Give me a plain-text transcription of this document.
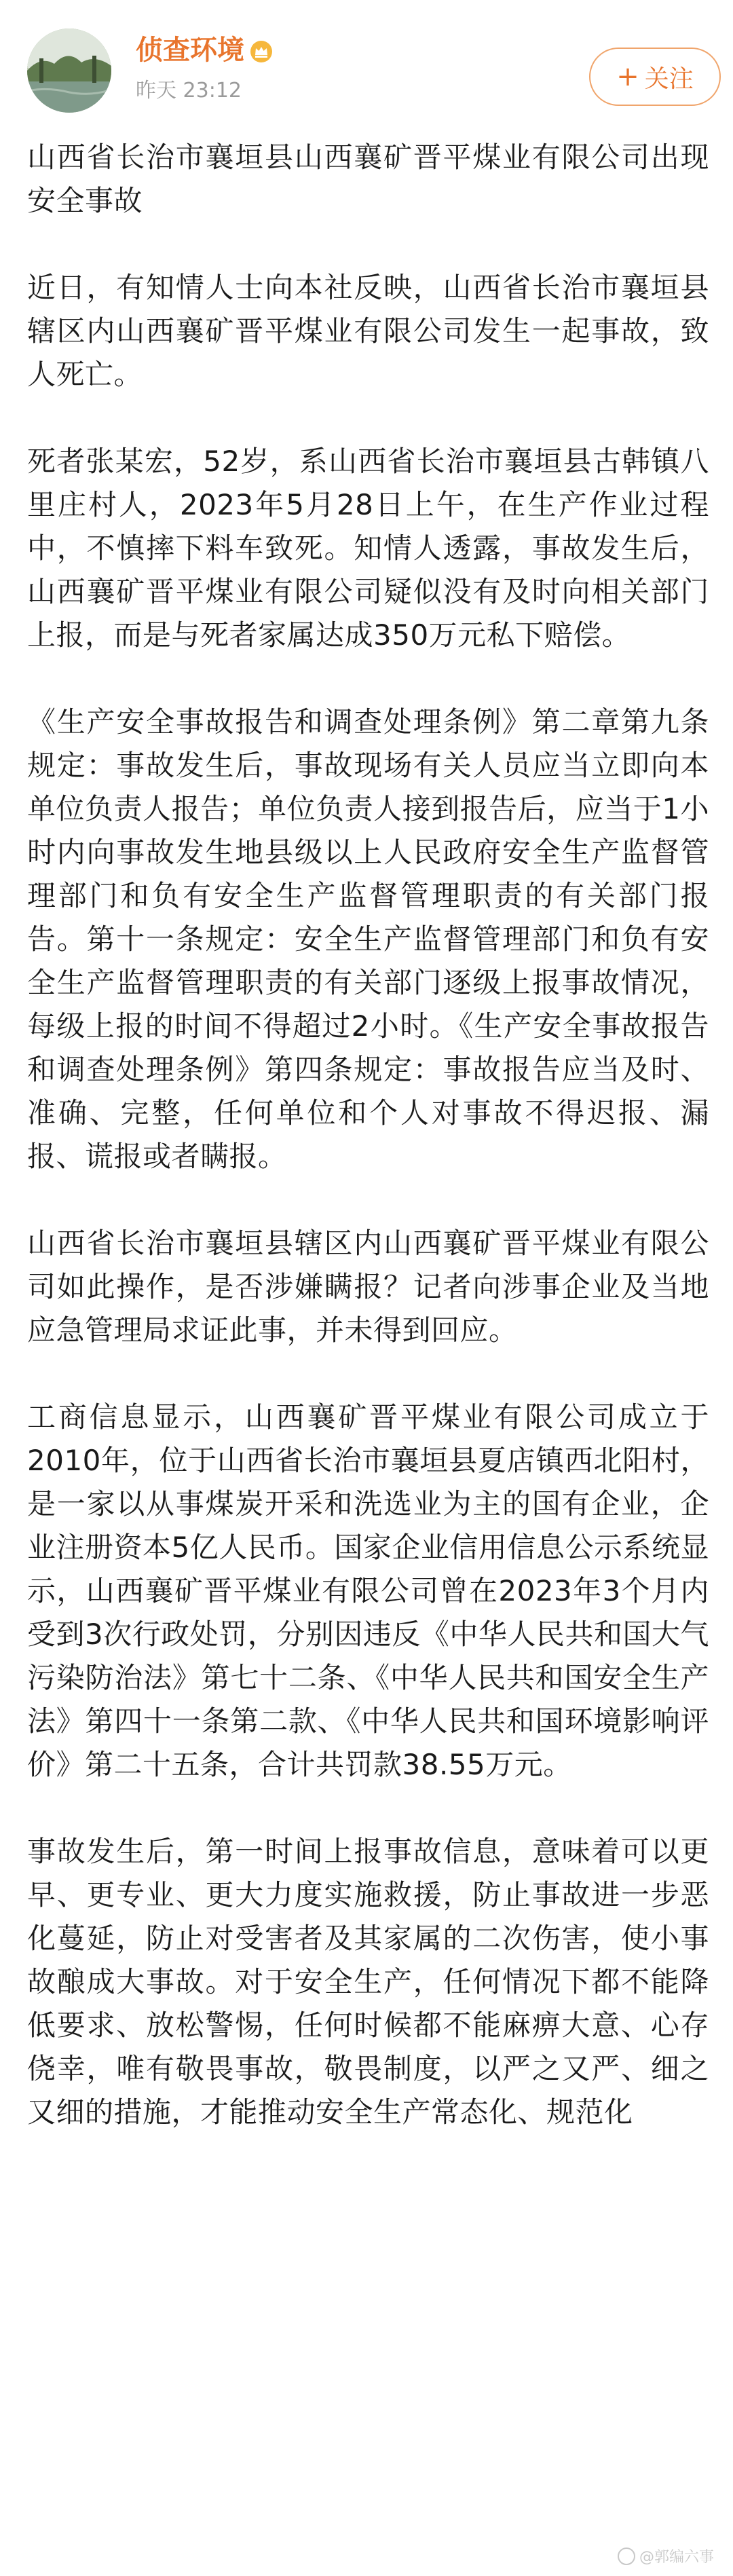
侦查环境
昨天 23:12	+ 关注

山西省长治市襄垣县山西襄矿晋平煤业有限公司出现安全事故

近日，有知情人士向本社反映，山西省长治市襄垣县辖区内山西襄矿晋平煤业有限公司发生一起事故，致人死亡。

死者张某宏，52岁，系山西省长治市襄垣县古韩镇八里庄村人，2023年5月28日上午，在生产作业过程中，不慎摔下料车致死。知情人透露，事故发生后，山西襄矿晋平煤业有限公司疑似没有及时向相关部门上报，而是与死者家属达成350万元私下赔偿。

《生产安全事故报告和调查处理条例》第二章第九条规定：事故发生后，事故现场有关人员应当立即向本单位负责人报告；单位负责人接到报告后，应当于1小时内向事故发生地县级以上人民政府安全生产监督管理部门和负有安全生产监督管理职责的有关部门报告。第十一条规定：安全生产监督管理部门和负有安全生产监督管理职责的有关部门逐级上报事故情况，每级上报的时间不得超过2小时。《生产安全事故报告和调查处理条例》第四条规定：事故报告应当及时、准确、完整，任何单位和个人对事故不得迟报、漏报、谎报或者瞒报。

山西省长治市襄垣县辖区内山西襄矿晋平煤业有限公司如此操作，是否涉嫌瞒报？记者向涉事企业及当地应急管理局求证此事，并未得到回应。

工商信息显示，山西襄矿晋平煤业有限公司成立于2010年，位于山西省长治市襄垣县夏店镇西北阳村，是一家以从事煤炭开采和洗选业为主的国有企业，企业注册资本5亿人民币。国家企业信用信息公示系统显示，山西襄矿晋平煤业有限公司曾在2023年3个月内受到3次行政处罚，分别因违反《中华人民共和国大气污染防治法》第七十二条、《中华人民共和国安全生产法》第四十一条第二款、《中华人民共和国环境影响评价》第二十五条，合计共罚款38.55万元。

事故发生后，第一时间上报事故信息，意味着可以更早、更专业、更大力度实施救援，防止事故进一步恶化蔓延，防止对受害者及其家属的二次伤害，使小事故酿成大事故。对于安全生产，任何情况下都不能降低要求、放松警惕，任何时候都不能麻痹大意、心存侥幸，唯有敬畏事故，敬畏制度，以严之又严、细之又细的措施，才能推动安全生产常态化、规范化

@郭编六事
